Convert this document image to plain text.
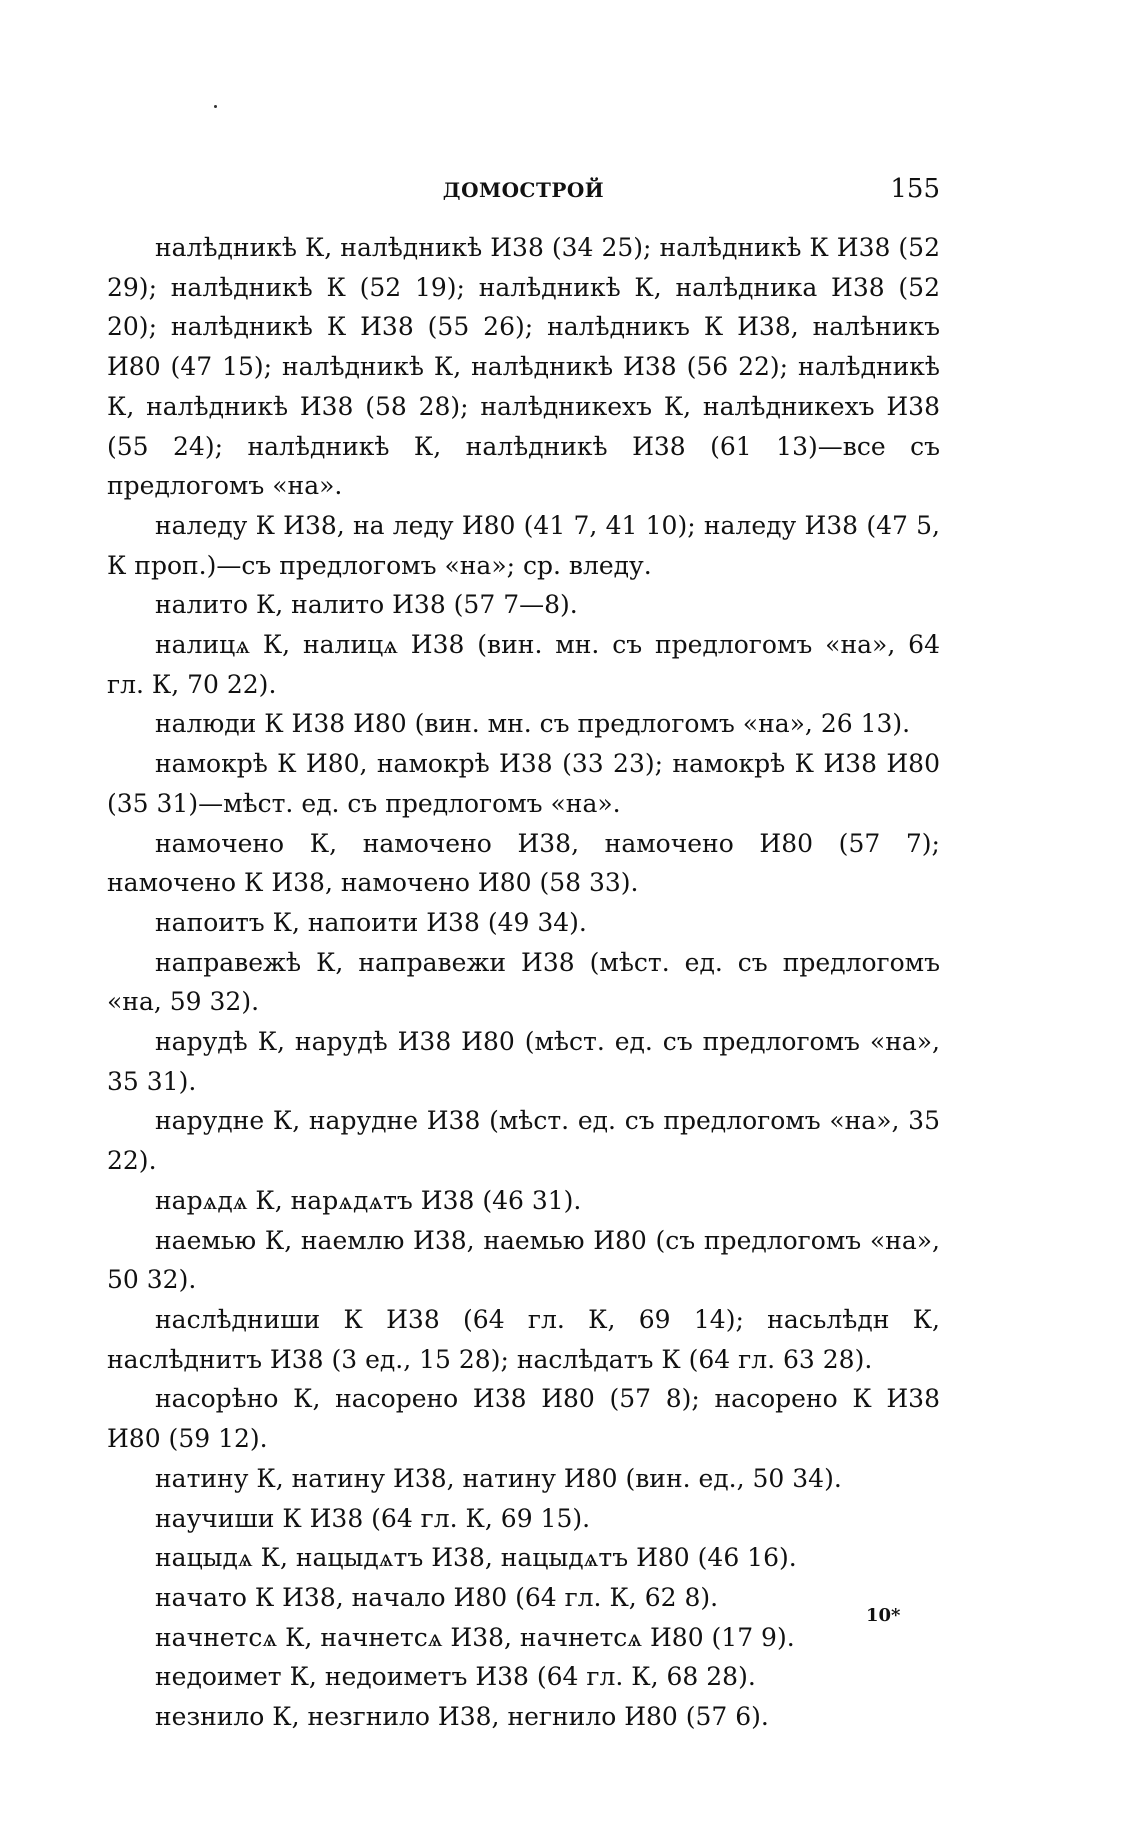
ДОМОСТРОЙ	155

налѣдникѣ К, налѣдникѣ И38 (34 25); налѣдникѣ К И38 (52 29); налѣдникѣ К (52 19); налѣдникѣ К, налѣдника И38 (52 20); налѣдникѣ К И38 (55 26); налѣдникъ К И38, налѣникъ И80 (47 15); налѣдникѣ К, налѣдникѣ И38 (56 22); налѣдникѣ К, налѣдникѣ И38 (58 28); налѣдникехъ К, налѣдникехъ И38 (55 24); налѣдникѣ К, налѣдникѣ И38 (61 13)—все съ предлогомъ «на».

наледу К И38, на леду И80 (41 7, 41 10); наледу И38 (47 5, К проп.)—съ предлогомъ «на»; ср. вледу.

налито К, налито И38 (57 7—8).

налицѧ К, налицѧ И38 (вин. мн. съ предлогомъ «на», 64 гл. К, 70 22).

налюди К И38 И80 (вин. мн. съ предлогомъ «на», 26 13).

намокрѣ К И80, намокрѣ И38 (33 23); намокрѣ К И38 И80 (35 31)—мѣст. ед. съ предлогомъ «на».

намочено К, намочено И38, намочено И80 (57 7); намочено К И38, намочено И80 (58 33).

напоитъ К, напоити И38 (49 34).

направежѣ К, направежи И38 (мѣст. ед. съ предлогомъ «на, 59 32).

нарудѣ К, нарудѣ И38 И80 (мѣст. ед. съ предлогомъ «на», 35 31).

нарудне К, нарудне И38 (мѣст. ед. съ предлогомъ «на», 35 22).

нарѧдѧ К, нарѧдѧтъ И38 (46 31).

наемью К, наемлю И38, наемью И80 (съ предлогомъ «на», 50 32).

наслѣдниши К И38 (64 гл. К, 69 14); насьлѣдн К, наслѣднитъ И38 (3 ед., 15 28); наслѣдатъ К (64 гл. 63 28).

насорѣно К, насорено И38 И80 (57 8); насорено К И38 И80 (59 12).

натину К, натину И38, натину И80 (вин. ед., 50 34).

научиши К И38 (64 гл. К, 69 15).

нацыдѧ К, нацыдѧтъ И38, нацыдѧтъ И80 (46 16).

начато К И38, начало И80 (64 гл. К, 62 8).

начнетсѧ К, начнетсѧ И38, начнетсѧ И80 (17 9).

недоимет К, недоиметъ И38 (64 гл. К, 68 28).

незнило К, незгнило И38, негнило И80 (57 6).

10*
